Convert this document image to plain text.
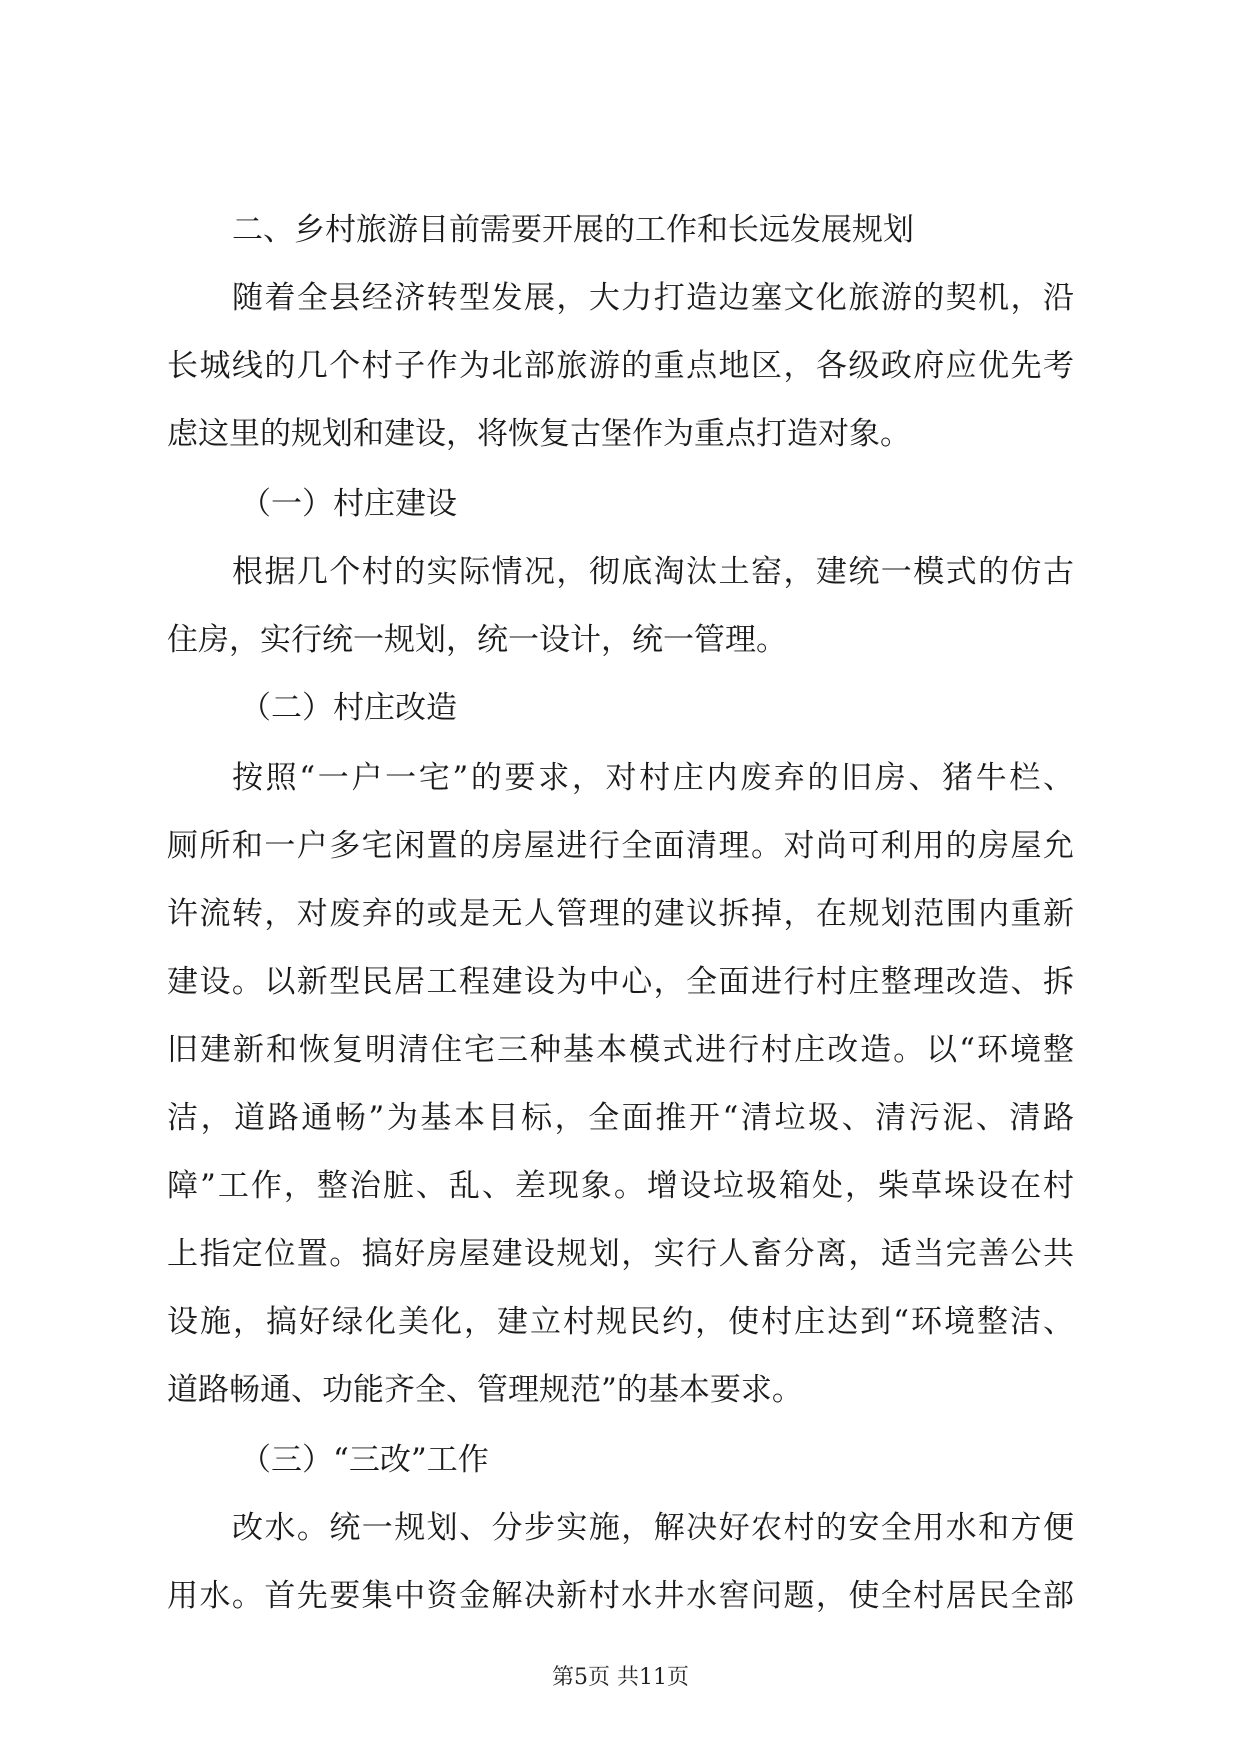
二、乡村旅游目前需要开展的工作和长远发展规划
随着全县经济转型发展，大力打造边塞文化旅游的契机，沿
长城线的几个村子作为北部旅游的重点地区，各级政府应优先考
虑这里的规划和建设，将恢复古堡作为重点打造对象。
（一）村庄建设
根据几个村的实际情况，彻底淘汰土窑，建统一模式的仿古
住房，实行统一规划，统一设计，统一管理。
（二）村庄改造
按照“一户一宅”的要求，对村庄内废弃的旧房、猪牛栏、
厕所和一户多宅闲置的房屋进行全面清理。对尚可利用的房屋允
许流转，对废弃的或是无人管理的建议拆掉，在规划范围内重新
建设。以新型民居工程建设为中心，全面进行村庄整理改造、拆
旧建新和恢复明清住宅三种基本模式进行村庄改造。以“环境整
洁，道路通畅”为基本目标，全面推开“清垃圾、清污泥、清路
障”工作，整治脏、乱、差现象。增设垃圾箱处，柴草垛设在村
上指定位置。搞好房屋建设规划，实行人畜分离，适当完善公共
设施，搞好绿化美化，建立村规民约，使村庄达到“环境整洁、
道路畅通、功能齐全、管理规范”的基本要求。
（三）“三改”工作
改水。统一规划、分步实施，解决好农村的安全用水和方便
用水。首先要集中资金解决新村水井水窖问题，使全村居民全部
第5页 共11页
